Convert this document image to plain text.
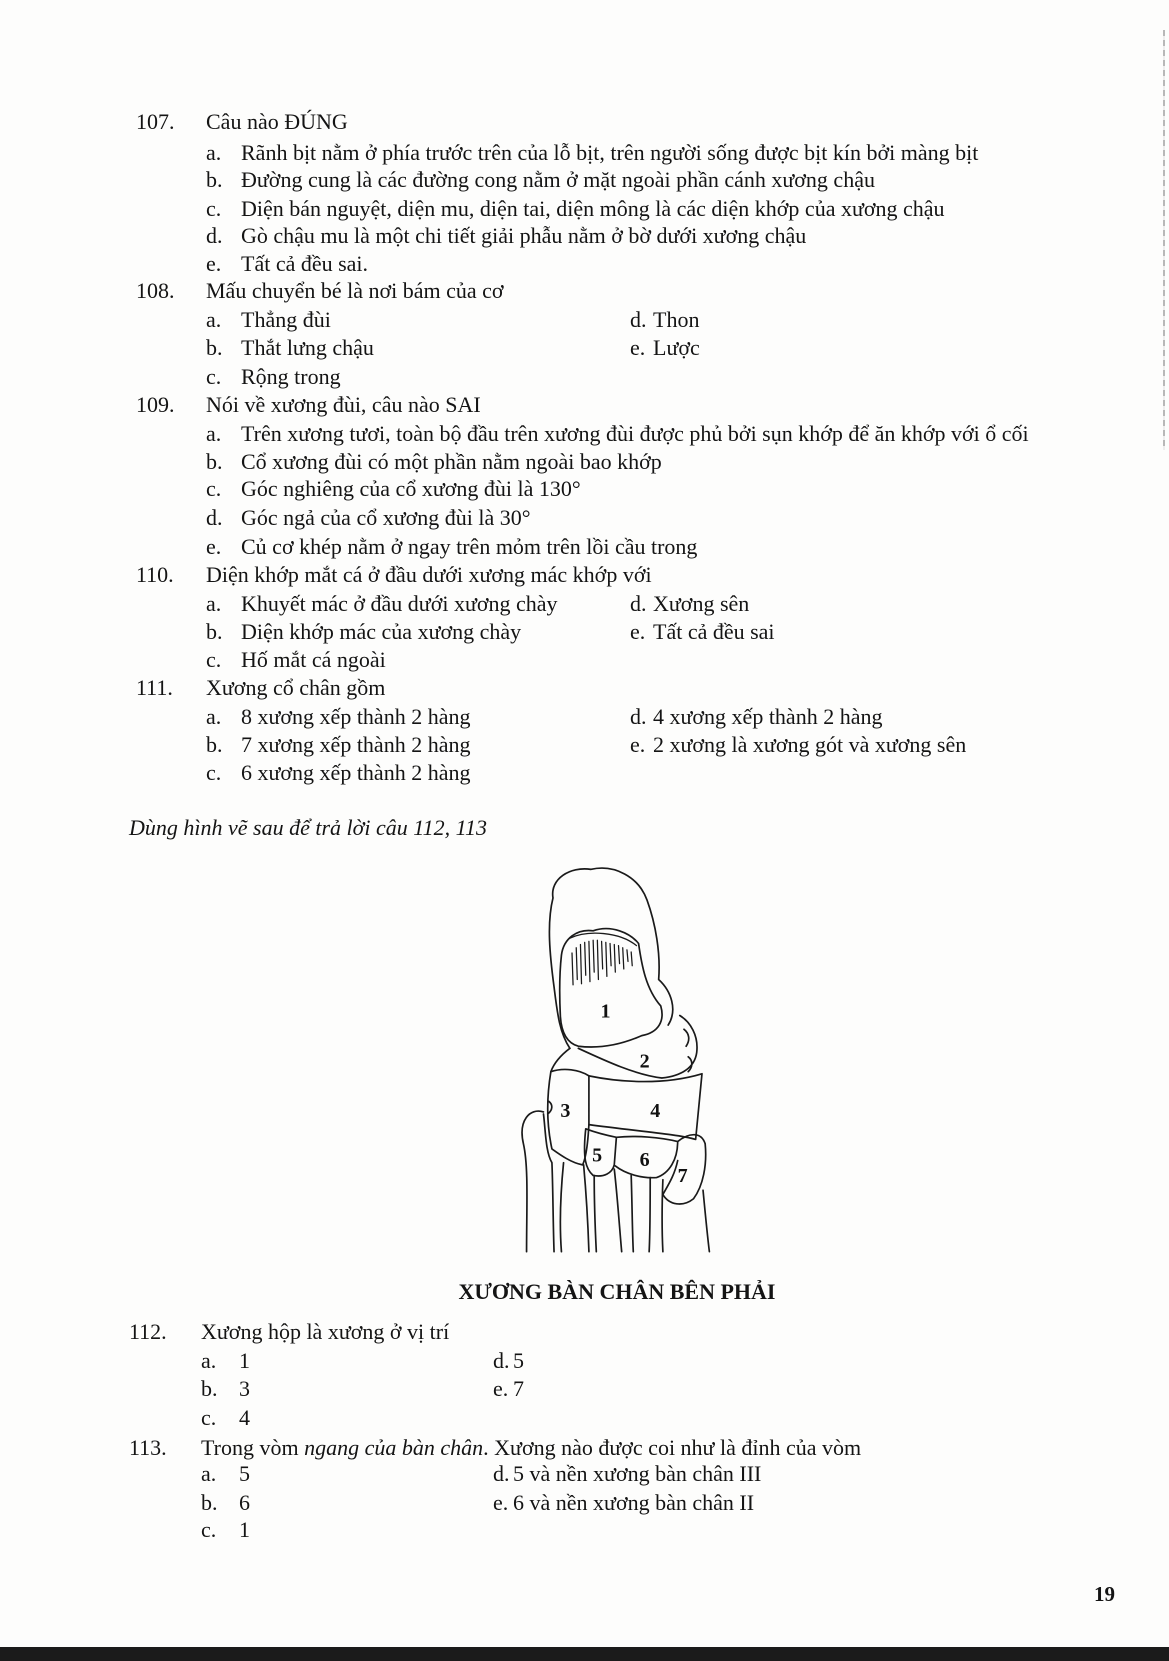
107. Câu nào ĐÚNG
a. Rãnh bịt nằm ở phía trước trên của lỗ bịt, trên người sống được bịt kín bởi màng bịt
b. Đường cung là các đường cong nằm ở mặt ngoài phần cánh xương chậu
c. Diện bán nguyệt, diện mu, diện tai, diện mông là các diện khớp của xương chậu
d. Gò chậu mu là một chi tiết giải phẫu nằm ở bờ dưới xương chậu
e. Tất cả đều sai.
108. Mấu chuyển bé là nơi bám của cơ
a. Thẳng đùi	d. Thon
b. Thắt lưng chậu	e. Lược
c. Rộng trong
109. Nói về xương đùi, câu nào SAI
a. Trên xương tươi, toàn bộ đầu trên xương đùi được phủ bởi sụn khớp để ăn khớp với ổ cối
b. Cổ xương đùi có một phần nằm ngoài bao khớp
c. Góc nghiêng của cổ xương đùi là 130°
d. Góc ngả của cổ xương đùi là 30°
e. Củ cơ khép nằm ở ngay trên mỏm trên lồi cầu trong
110. Diện khớp mắt cá ở đầu dưới xương mác khớp với
a. Khuyết mác ở đầu dưới xương chày	d. Xương sên
b. Diện khớp mác của xương chày	e. Tất cả đều sai
c. Hố mắt cá ngoài
111. Xương cổ chân gồm
a. 8 xương xếp thành 2 hàng	d. 4 xương xếp thành 2 hàng
b. 7 xương xếp thành 2 hàng	e. 2 xương là xương gót và xương sên
c. 6 xương xếp thành 2 hàng
Dùng hình vẽ sau để trả lời câu 112, 113
1
2
3	4
5 6
7
XƯƠNG BÀN CHÂN BÊN PHẢI
112. Xương hộp là xương ở vị trí
a. 1	d. 5
b. 3	e. 7
c. 4
113. Trong vòm ngang của bàn chân. Xương nào được coi như là đỉnh của vòm
a. 5	d. 5 và nền xương bàn chân III
b. 6	e. 6 và nền xương bàn chân II
c. 1
19
